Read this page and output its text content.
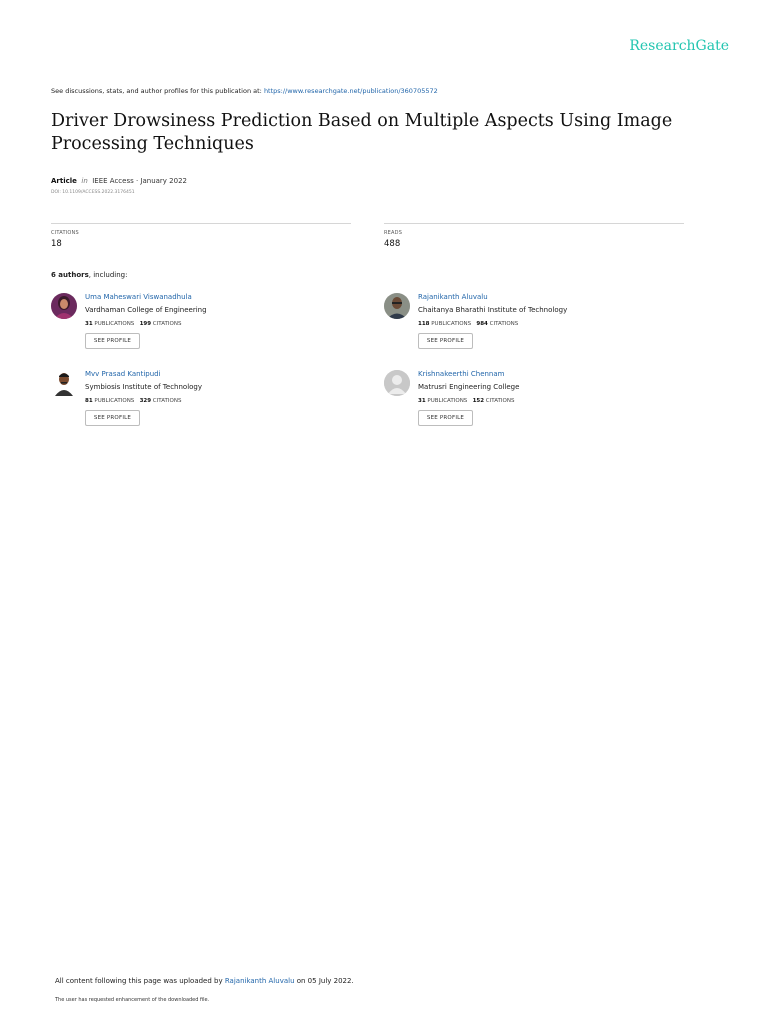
ResearchGate
See discussions, stats, and author profiles for this publication at: https://www.researchgate.net/publication/360705572
Driver Drowsiness Prediction Based on Multiple Aspects Using Image Processing Techniques
Article in IEEE Access · January 2022
DOI: 10.1109/ACCESS.2022.3176451
CITATIONS
18
READS
488
6 authors, including:
Uma Maheswari Viswanadhula
Vardhaman College of Engineering
31 PUBLICATIONS 199 CITATIONS
SEE PROFILE
Rajanikanth Aluvalu
Chaitanya Bharathi Institute of Technology
118 PUBLICATIONS 984 CITATIONS
SEE PROFILE
Mvv Prasad Kantipudi
Symbiosis Institute of Technology
81 PUBLICATIONS 329 CITATIONS
SEE PROFILE
Krishnakeerthi Chennam
Matrusri Engineering College
31 PUBLICATIONS 152 CITATIONS
SEE PROFILE
All content following this page was uploaded by Rajanikanth Aluvalu on 05 July 2022.
The user has requested enhancement of the downloaded file.
